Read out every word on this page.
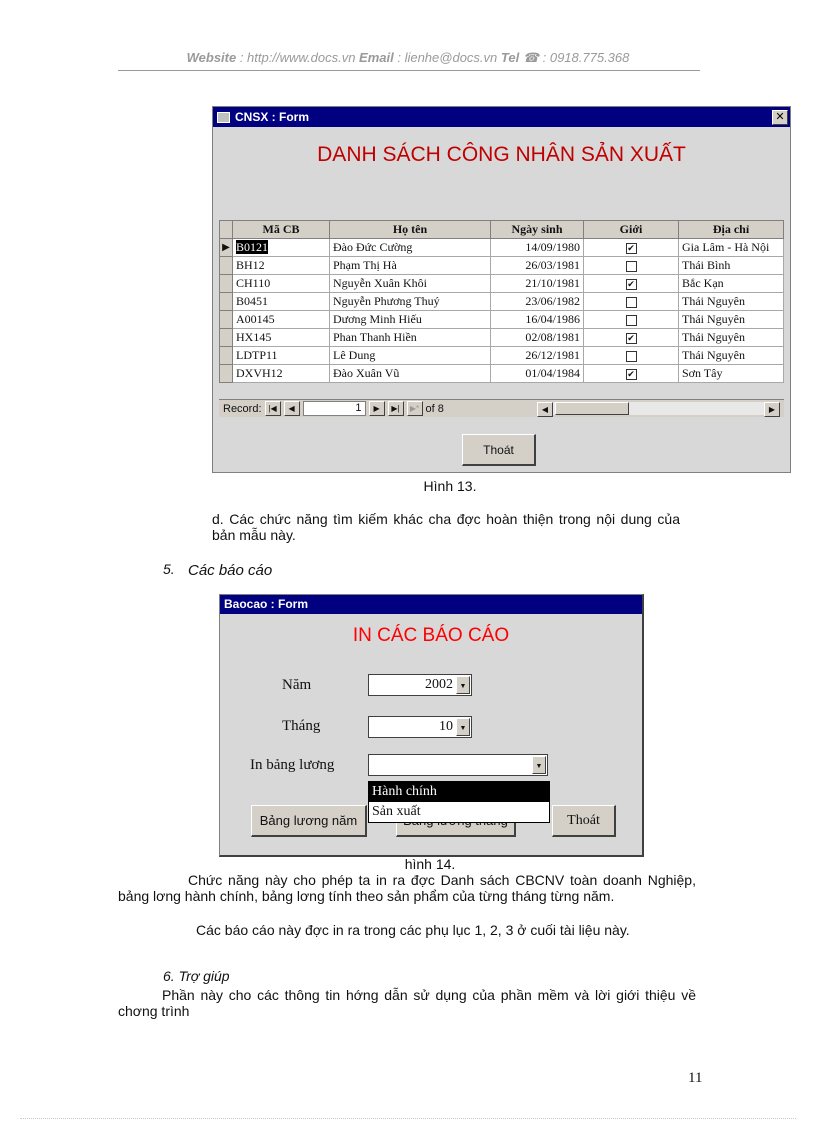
Website : http://www.docs.vn Email : lienhe@docs.vn Tel ☎ : 0918.775.368
CNSX : Form	✕
DANH SÁCH CÔNG NHÂN SẢN XUẤT
	Mã CB	Họ tên	Ngày sinh	Giới	Địa chỉ
▶	B0121	Đào Đức Cường	14/09/1980	✔	Gia Lâm - Hà Nội
	BH12	Phạm Thị Hà	26/03/1981		Thái Bình
	CH110	Nguyễn Xuân Khôi	21/10/1981	✔	Bắc Kạn
	B0451	Nguyễn Phương Thuý	23/06/1982		Thái Nguyên
	A00145	Dương Minh Hiếu	16/04/1986		Thái Nguyên
	HX145	Phan Thanh Hiền	02/08/1981	✔	Thái Nguyên
	LDTP11	Lê Dung	26/12/1981		Thái Nguyên
	DXVH12	Đào Xuân Vũ	01/04/1984	✔	Sơn Tây
Record: |◀	◀	1	▶	▶|	▶* of 8	◀	▶
Thoát
Hình 13.
d. Các chức năng tìm kiếm khác cha đợc hoàn thiện trong nội dung của bản mẫu này.
5. Các báo cáo
Baocao : Form
IN CÁC BÁO CÁO
Năm	2002 ▼
Tháng	10 ▼
In bảng lương	▼
Bảng lương năm	Thoát
Hành chính
Sản xuất
hình 14.
Chức năng này cho phép ta in ra đợc Danh sách CBCNV toàn doanh Nghiệp, bảng lơng hành chính, bảng lơng tính theo sản phẩm của từng tháng từng năm.
Các báo cáo này đợc in ra trong các phụ lục 1, 2, 3 ở cuối tài liệu này.
6. Trợ giúp
Phần này cho các thông tin hớng dẫn sử dụng của phần mềm và lời giới thiệu về chơng trình
11
